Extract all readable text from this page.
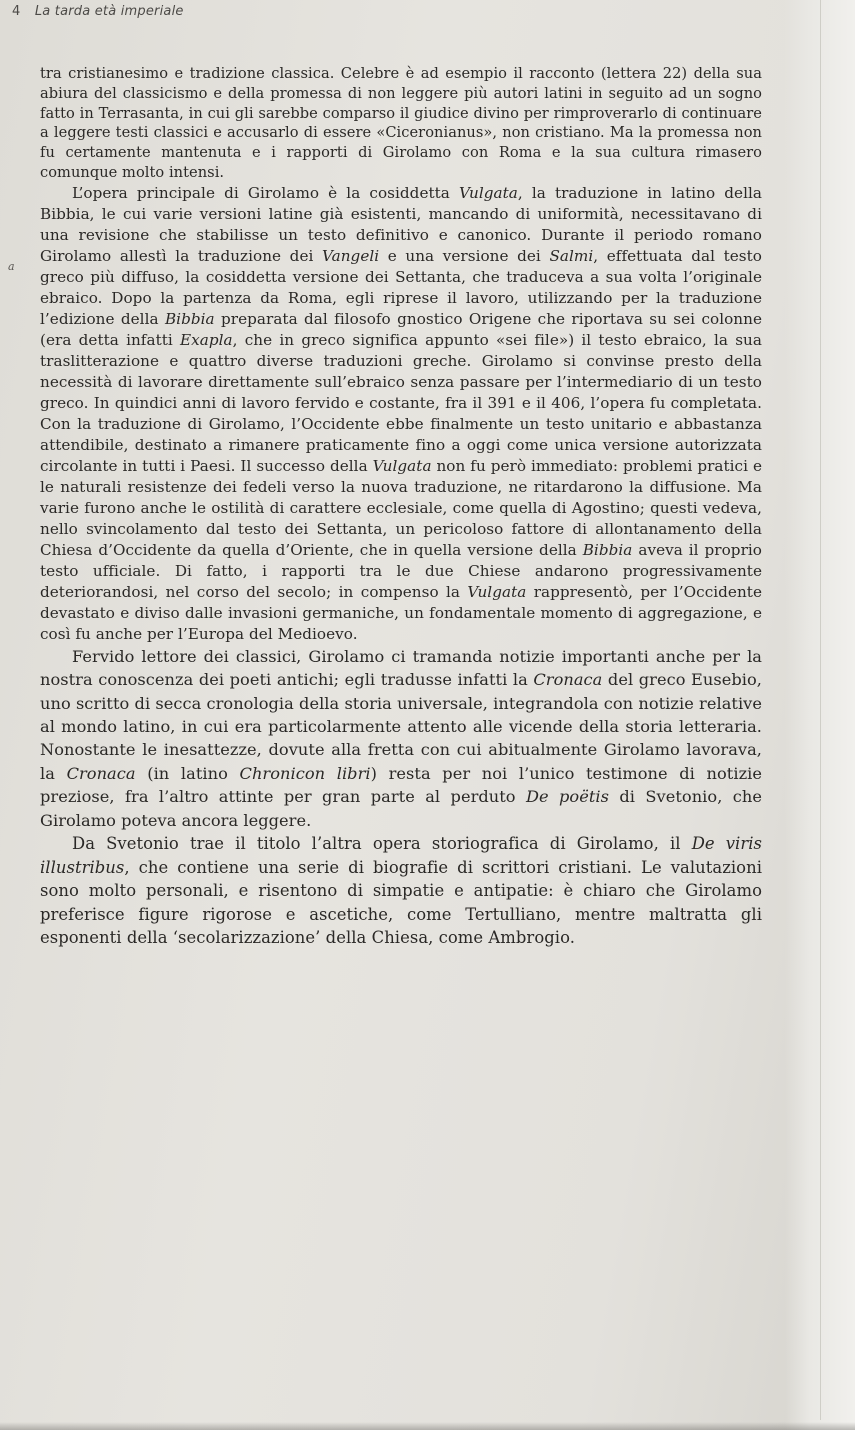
4 La tarda età imperiale
a

tra cristianesimo e tradizione classica. Celebre è ad esempio il racconto (lettera 22) della sua abiura del classicismo e della promessa di non leggere più autori latini in seguito ad un sogno fatto in Terrasanta, in cui gli sarebbe comparso il giudice divino per rimproverarlo di continuare a leggere testi classici e accusarlo di essere «Ciceronianus», non cristiano. Ma la promessa non fu certamente mantenuta e i rapporti di Girolamo con Roma e la sua cultura rimasero comunque molto intensi.

L’opera principale di Girolamo è la cosiddetta Vulgata, la traduzione in latino della Bibbia, le cui varie versioni latine già esistenti, mancando di uniformità, necessitavano di una revisione che stabilisse un testo definitivo e canonico. Durante il periodo romano Girolamo allestì la traduzione dei Vangeli e una versione dei Salmi, effettuata dal testo greco più diffuso, la cosiddetta versione dei Settanta, che traduceva a sua volta l’originale ebraico. Dopo la partenza da Roma, egli riprese il lavoro, utilizzando per la traduzione l’edizione della Bibbia preparata dal filosofo gnostico Origene che riportava su sei colonne (era detta infatti Exapla, che in greco significa appunto «sei file») il testo ebraico, la sua traslitterazione e quattro diverse traduzioni greche. Girolamo si convinse presto della necessità di lavorare direttamente sull’ebraico senza passare per l’intermediario di un testo greco. In quindici anni di lavoro fervido e costante, fra il 391 e il 406, l’opera fu completata. Con la traduzione di Girolamo, l’Occidente ebbe finalmente un testo unitario e abbastanza attendibile, destinato a rimanere praticamente fino a oggi come unica versione autorizzata circolante in tutti i Paesi. Il successo della Vulgata non fu però immediato: problemi pratici e le naturali resistenze dei fedeli verso la nuova traduzione, ne ritardarono la diffusione. Ma varie furono anche le ostilità di carattere ecclesiale, come quella di Agostino; questi vedeva, nello svincolamento dal testo dei Settanta, un pericoloso fattore di allontanamento della Chiesa d’Occidente da quella d’Oriente, che in quella versione della Bibbia aveva il proprio testo ufficiale. Di fatto, i rapporti tra le due Chiese andarono progressivamente deteriorandosi, nel corso del secolo; in compenso la Vulgata rappresentò, per l’Occidente devastato e diviso dalle invasioni germaniche, un fondamentale momento di aggregazione, e così fu anche per l’Europa del Medioevo.

Fervido lettore dei classici, Girolamo ci tramanda notizie importanti anche per la nostra conoscenza dei poeti antichi; egli tradusse infatti la Cronaca del greco Eusebio, uno scritto di secca cronologia della storia universale, integrandola con notizie relative al mondo latino, in cui era particolarmente attento alle vicende della storia letteraria. Nonostante le inesattezze, dovute alla fretta con cui abitualmente Girolamo lavorava, la Cronaca (in latino Chronicon libri) resta per noi l’unico testimone di notizie preziose, fra l’altro attinte per gran parte al perduto De poëtis di Svetonio, che Girolamo poteva ancora leggere.

Da Svetonio trae il titolo l’altra opera storiografica di Girolamo, il De viris illustribus, che contiene una serie di biografie di scrittori cristiani. Le valutazioni sono molto personali, e risentono di simpatie e antipatie: è chiaro che Girolamo preferisce figure rigorose e ascetiche, come Tertulliano, mentre maltratta gli esponenti della ‘secolarizzazione’ della Chiesa, come Ambrogio.
